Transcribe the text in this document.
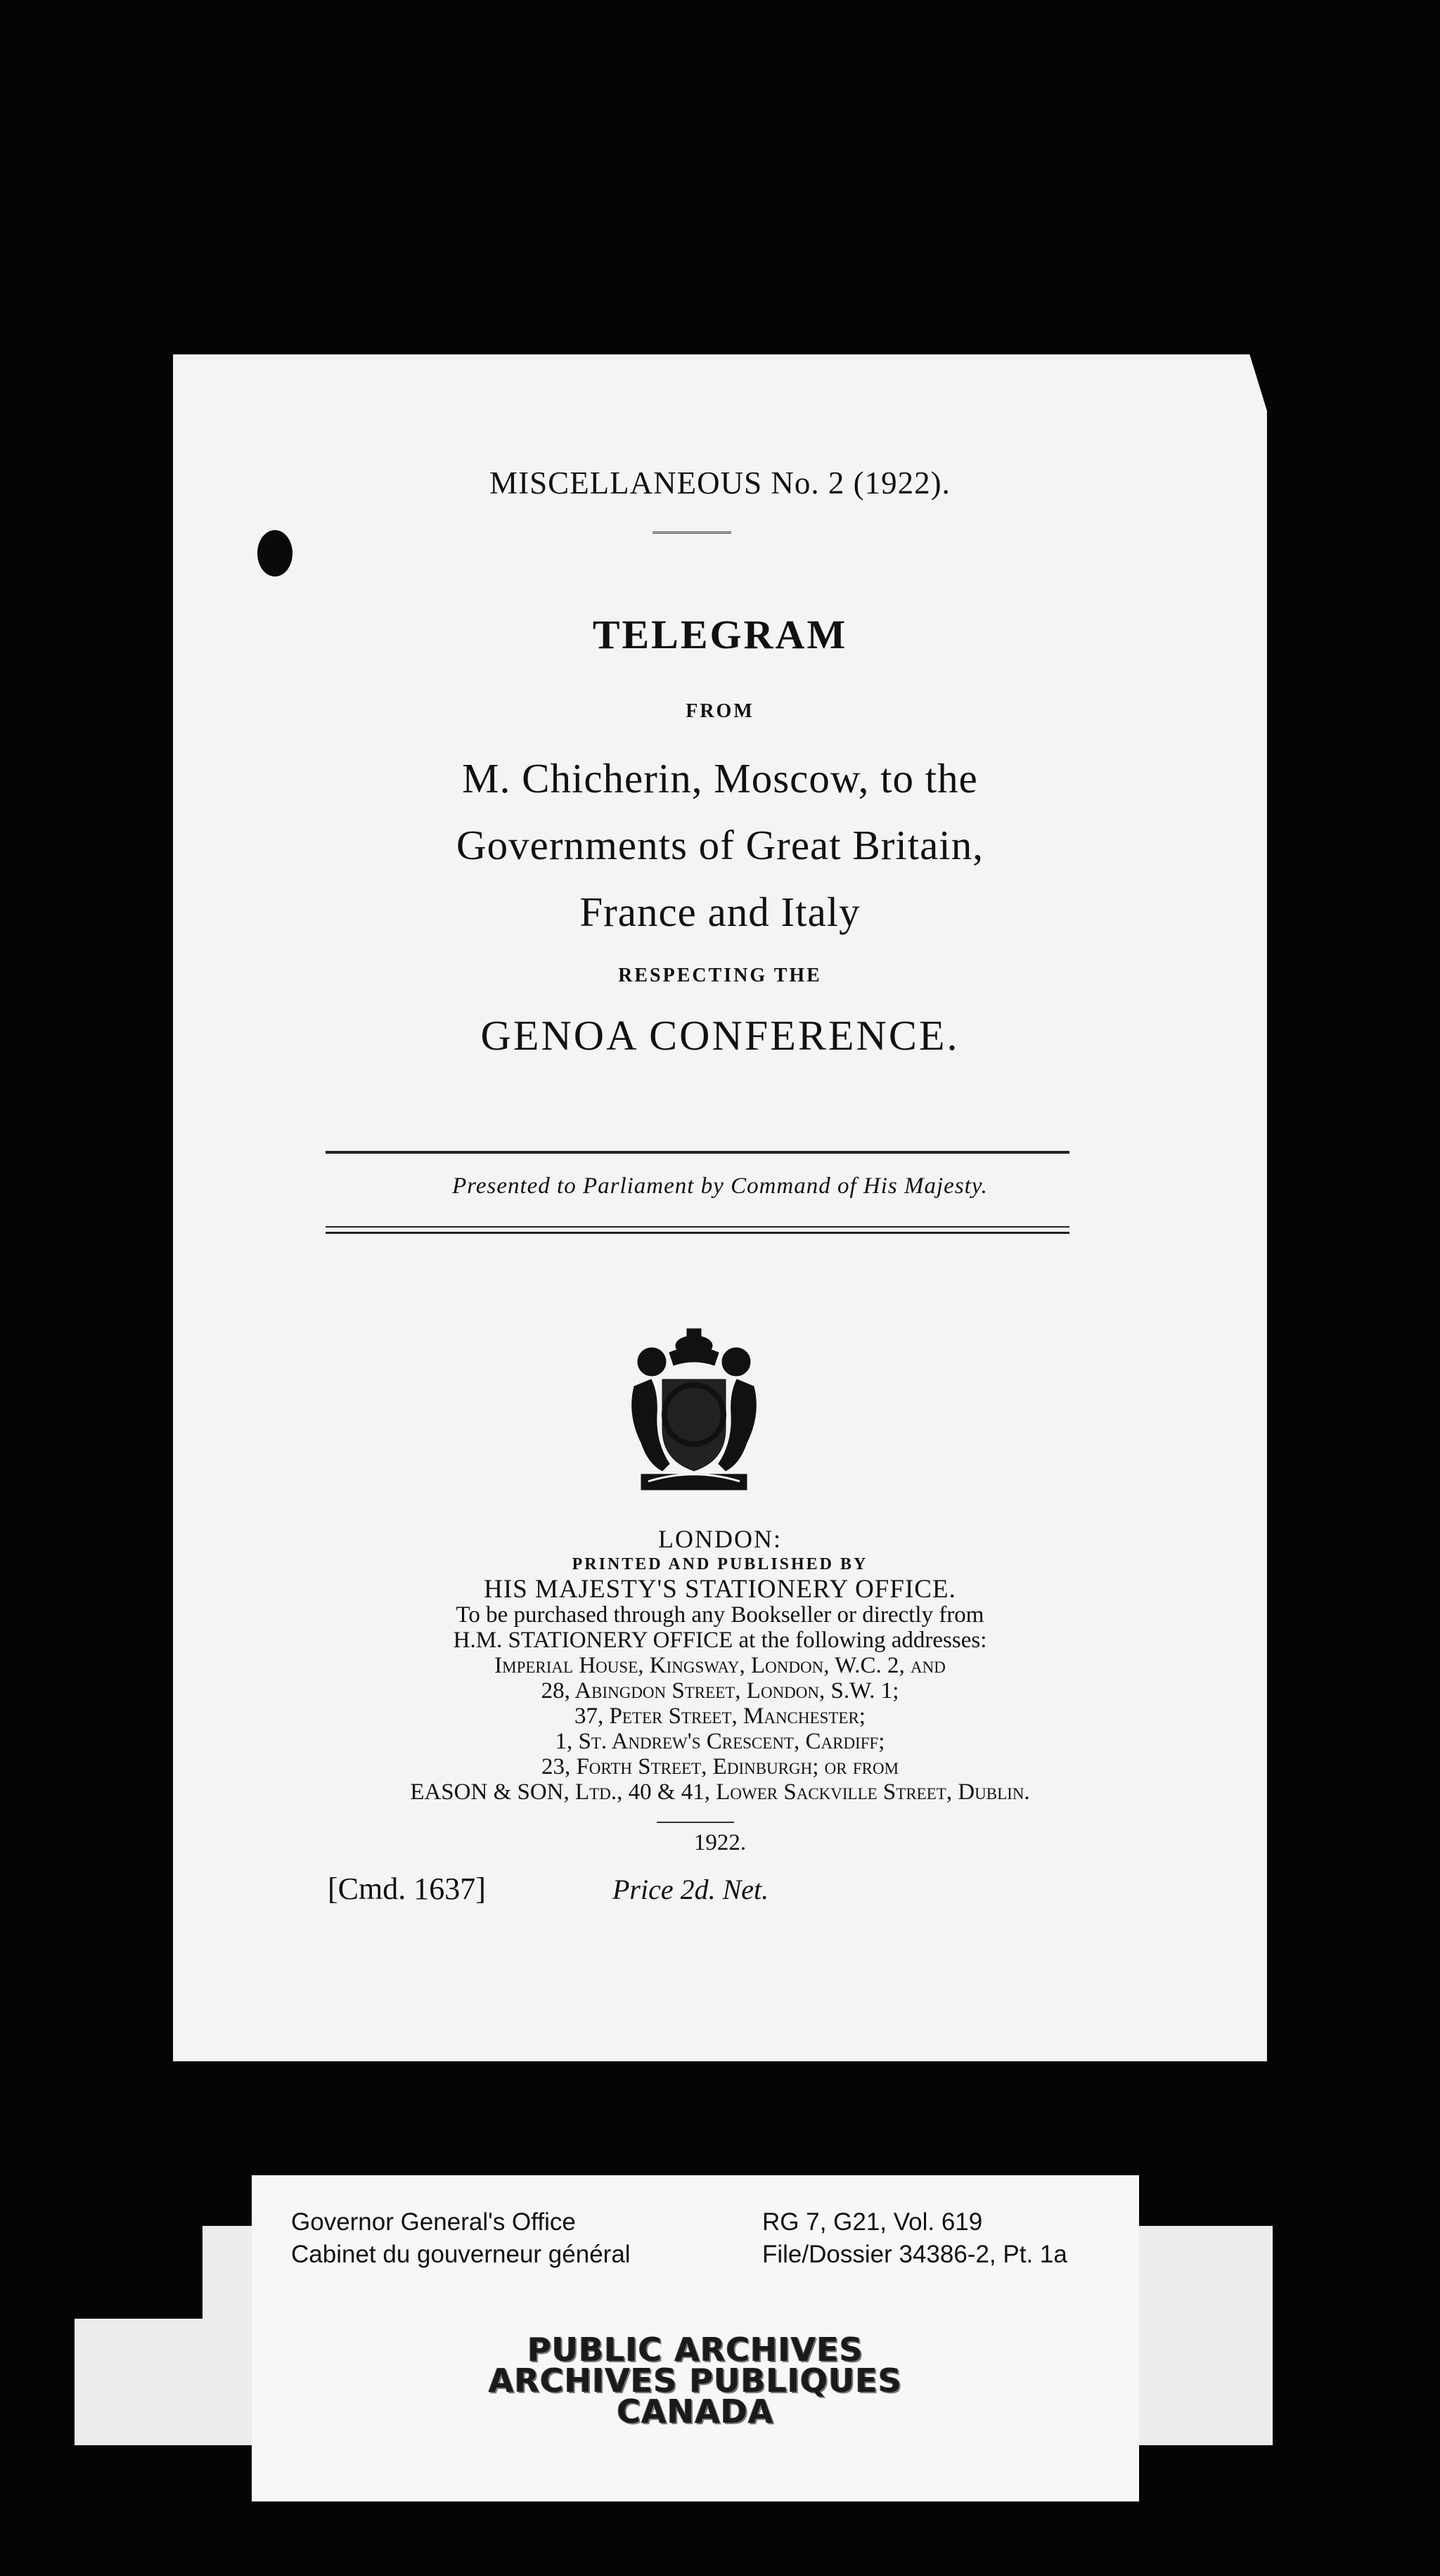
MISCELLANEOUS No. 2 (1922).
TELEGRAM
FROM
M. Chicherin, Moscow, to the
Governments of Great Britain,
France and Italy
RESPECTING THE
GENOA CONFERENCE.
Presented to Parliament by Command of His Majesty.
LONDON:
PRINTED AND PUBLISHED BY
HIS MAJESTY'S STATIONERY OFFICE.
To be purchased through any Bookseller or directly from
H.M. STATIONERY OFFICE at the following addresses:
Imperial House, Kingsway, London, W.C. 2, and
28, Abingdon Street, London, S.W. 1;
37, Peter Street, Manchester;
1, St. Andrew's Crescent, Cardiff;
23, Forth Street, Edinburgh; or from
EASON & SON, Ltd., 40 & 41, Lower Sackville Street, Dublin.
1922.
[Cmd. 1637]	Price 2d. Net.
Governor General's Office
Cabinet du gouverneur général
RG 7, G21, Vol. 619
File/Dossier 34386-2, Pt. 1a
PUBLIC ARCHIVES
ARCHIVES PUBLIQUES
CANADA
